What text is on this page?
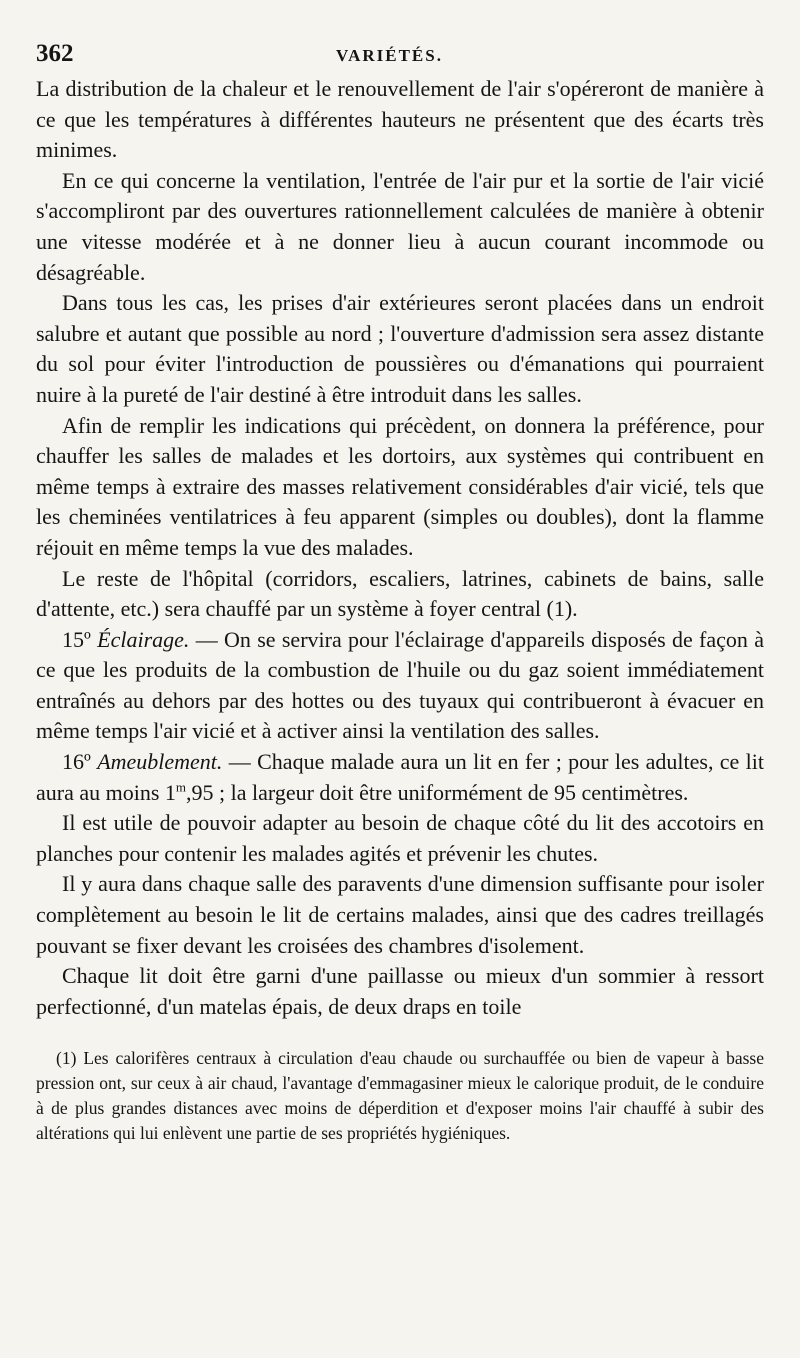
362	VARIÉTÉS.

La distribution de la chaleur et le renouvellement de l'air s'opéreront de manière à ce que les températures à différentes hauteurs ne présentent que des écarts très minimes.

En ce qui concerne la ventilation, l'entrée de l'air pur et la sortie de l'air vicié s'accompliront par des ouvertures rationnellement calculées de manière à obtenir une vitesse modérée et à ne donner lieu à aucun courant incommode ou désagréable.

Dans tous les cas, les prises d'air extérieures seront placées dans un endroit salubre et autant que possible au nord ; l'ouverture d'admission sera assez distante du sol pour éviter l'introduction de poussières ou d'émanations qui pourraient nuire à la pureté de l'air destiné à être introduit dans les salles.

Afin de remplir les indications qui précèdent, on donnera la préférence, pour chauffer les salles de malades et les dortoirs, aux systèmes qui contribuent en même temps à extraire des masses relativement considérables d'air vicié, tels que les cheminées ventilatrices à feu apparent (simples ou doubles), dont la flamme réjouit en même temps la vue des malades.

Le reste de l'hôpital (corridors, escaliers, latrines, cabinets de bains, salle d'attente, etc.) sera chauffé par un système à foyer central (1).

15º Éclairage. — On se servira pour l'éclairage d'appareils disposés de façon à ce que les produits de la combustion de l'huile ou du gaz soient immédiatement entraînés au dehors par des hottes ou des tuyaux qui contribueront à évacuer en même temps l'air vicié et à activer ainsi la ventilation des salles.

16º Ameublement. — Chaque malade aura un lit en fer ; pour les adultes, ce lit aura au moins 1$^m$,95 ; la largeur doit être uniformément de 95 centimètres.

Il est utile de pouvoir adapter au besoin de chaque côté du lit des accotoirs en planches pour contenir les malades agités et prévenir les chutes.

Il y aura dans chaque salle des paravents d'une dimension suffisante pour isoler complètement au besoin le lit de certains malades, ainsi que des cadres treillagés pouvant se fixer devant les croisées des chambres d'isolement.

Chaque lit doit être garni d'une paillasse ou mieux d'un sommier à ressort perfectionné, d'un matelas épais, de deux draps en toile

(1) Les calorifères centraux à circulation d'eau chaude ou surchauffée ou bien de vapeur à basse pression ont, sur ceux à air chaud, l'avantage d'emmagasiner mieux le calorique produit, de le conduire à de plus grandes distances avec moins de déperdition et d'exposer moins l'air chauffé à subir des altérations qui lui enlèvent une partie de ses propriétés hygiéniques.
